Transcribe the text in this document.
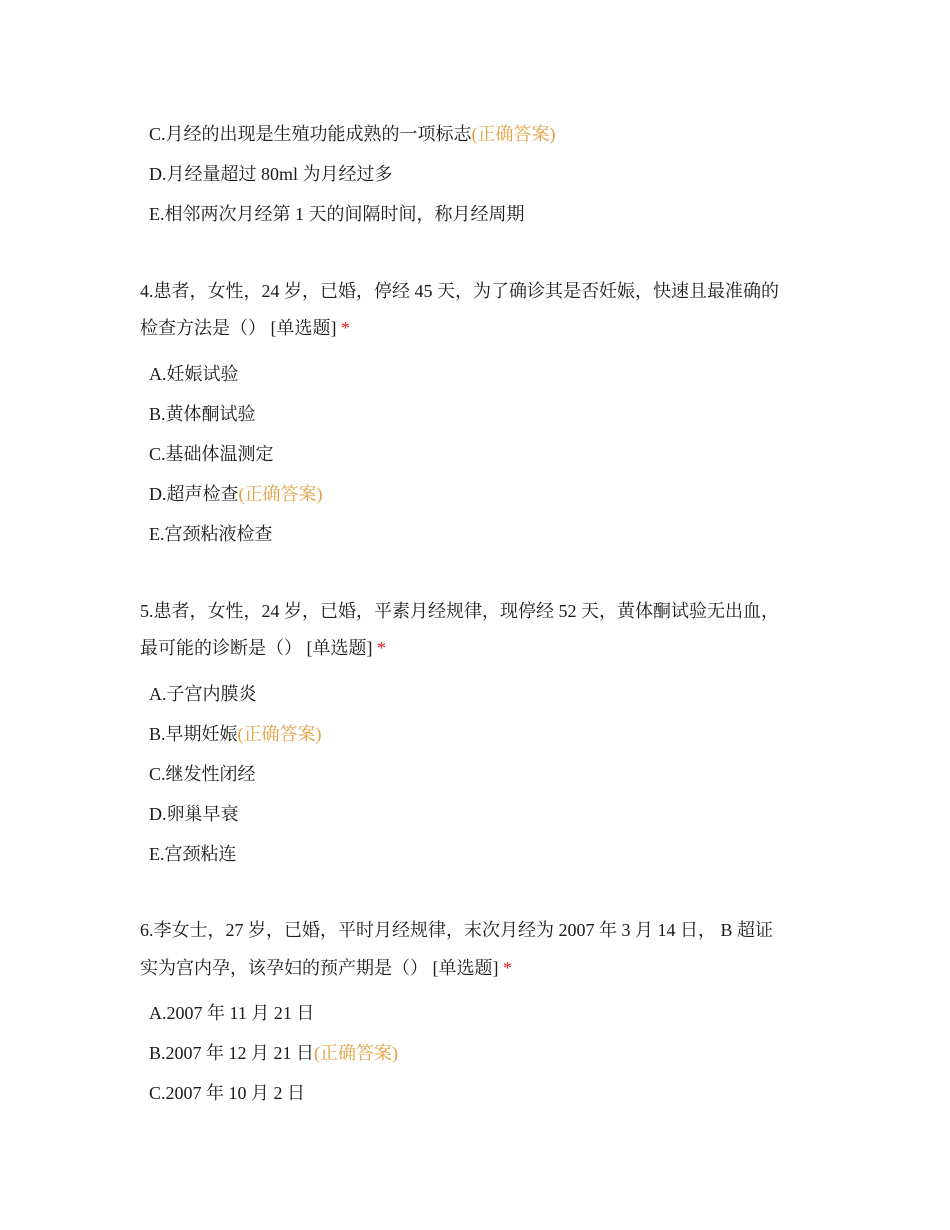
C.月经的出现是生殖功能成熟的一项标志(正确答案)
D.月经量超过 80ml 为月经过多
E.相邻两次月经第 1 天的间隔时间，称月经周期
4.患者，女性，24 岁，已婚，停经 45 天，为了确诊其是否妊娠，快速且最准确的
检查方法是（） [单选题] *
A.妊娠试验
B.黄体酮试验
C.基础体温测定
D.超声检查(正确答案)
E.宫颈粘液检查
5.患者，女性，24 岁，已婚，平素月经规律，现停经 52 天，黄体酮试验无出血，
最可能的诊断是（） [单选题] *
A.子宫内膜炎
B.早期妊娠(正确答案)
C.继发性闭经
D.卵巢早衰
E.宫颈粘连
6.李女士，27 岁，已婚，平时月经规律，末次月经为 2007 年 3 月 14 日， B 超证
实为宫内孕，该孕妇的预产期是（） [单选题] *
A.2007 年 11 月 21 日
B.2007 年 12 月 21 日(正确答案)
C.2007 年 10 月 2 日
